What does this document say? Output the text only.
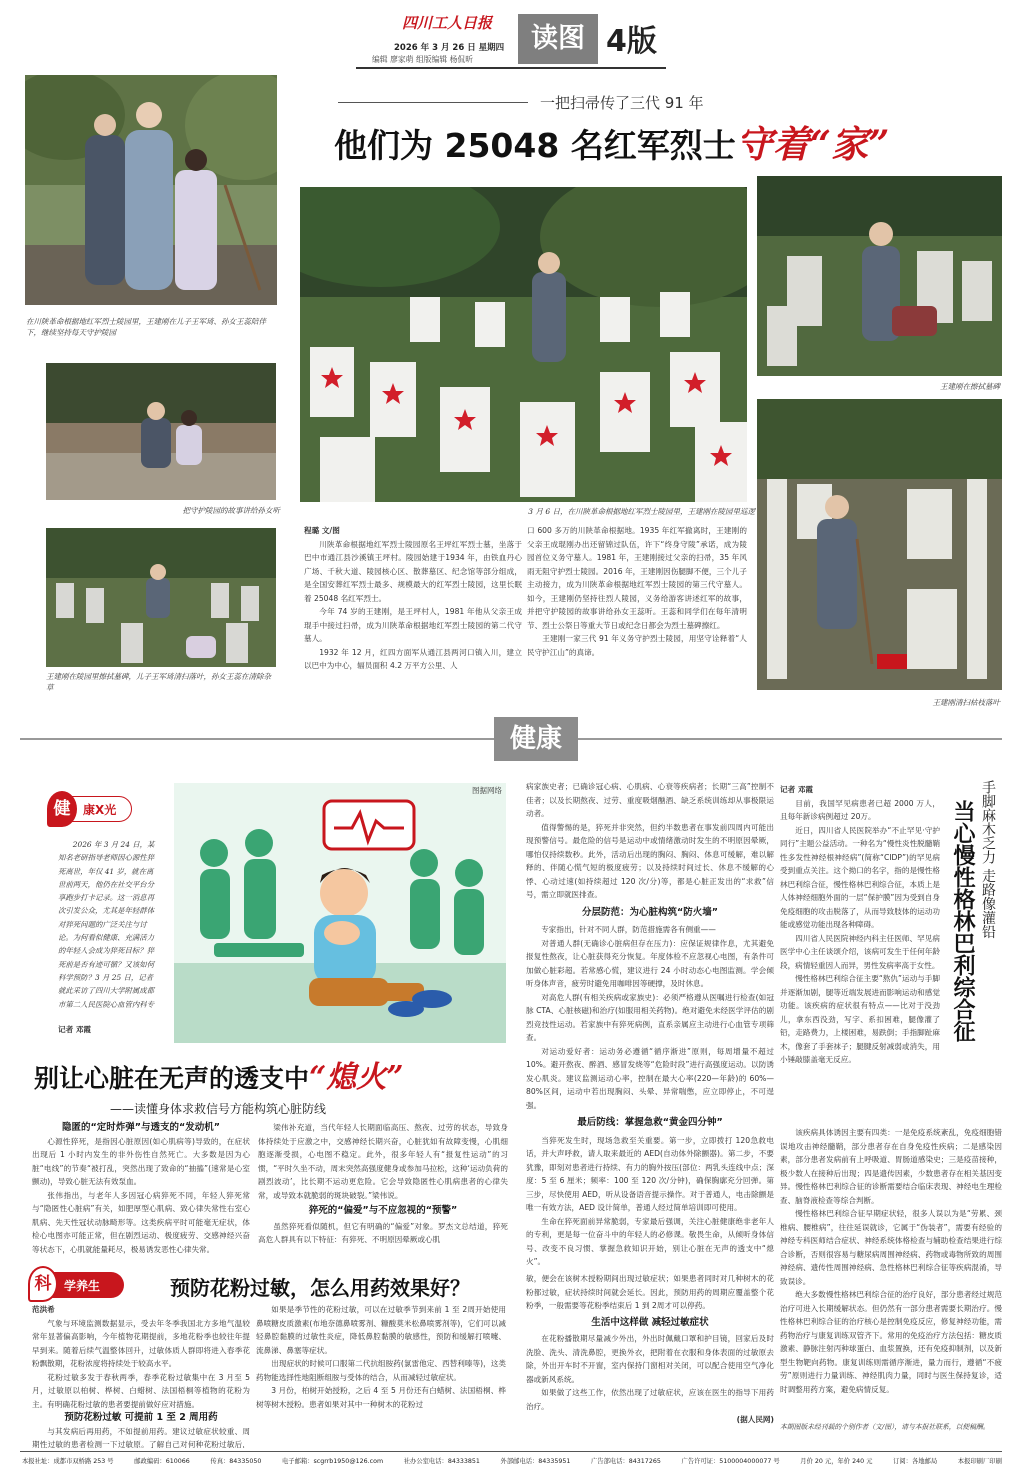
四川工人日报
2026 年 3 月 26 日 星期四
编辑 廖家萌 组版编辑 杨侃昕
读图 4版
一把扫帚传了三代 91 年
他们为 25048 名红军烈士守着“家”
在川陕革命根据地红军烈士陵园里，王建刚在儿子王军琦、孙女王蕊陪伴下，继续坚持每天守护陵园
把守护陵园的故事讲给孙女听
王建刚在陵园里擦拭墓碑，儿子王军琦清扫落叶，孙女王蕊在清除杂草
3 月 6 日，在川陕革命根据地红军烈士陵园里，王建刚在陵园里巡逻
王建刚在擦拭墓碑
王建刚清扫枯枝落叶
程璐 文/图
川陕革命根据地红军烈士陵园原名王坪红军烈士墓，坐落于巴中市通江县沙溪镇王坪村。陵园始建于1934 年，由铁血丹心广场、千秋大道、陵园核心区、散葬墓区、纪念馆等部分组成，是全国安葬红军烈士最多、规模最大的红军烈士陵园，这里长眠着 25048 名红军烈士。
今年 74 岁的王建刚，是王坪村人，1981 年他从父亲王成琨手中接过扫帚，成为川陕革命根据地红军烈士陵园的第二代守墓人。
1932 年 12 月，红四方面军从通江县两河口镇入川，建立以巴中为中心，辐员面积 4.2 万平方公里、人
口 600 多万的川陕革命根据地。1935 年红军撤离时，王建刚的父亲王成琨刚办出还留锦过队伍，许下“终身守陵”承诺，成为陵园首位义务守墓人。1981 年，王建刚接过父亲的扫帚，35 年风雨无阻守护烈士陵园。2016 年，王建刚因伤腿脚不便，三个儿子主动接力，成为川陕革命根据地红军烈士陵园的第三代守墓人。如今，王建刚仍坚持往烈人陵园，义务给游客讲述红军的故事，并把守护陵园的故事讲给孙女王蕊听。王蕊和同学们在每年清明节、烈士公祭日等重大节日或纪念日都会为烈士墓碑擦红。
王建刚一家三代 91 年义务守护烈士陵园，用坚守诠释着“人民守护江山”的真谛。
健康
健	康X光
2026 年 3 月 24 日，某知名老研指导老师因心源性猝死离世，年仅 41 岁，就在离世前两天，他仍在社交平台分享跑步打卡记录。这一消息再次引发公众，尤其是年轻群体对猝死问题的广泛关注与讨论。为何看似健康、充满活力的年轻人会成为猝死目标？猝死前是否有迹可循？又该如何科学预防？3 月 25 日，记者就此采访了四川大学附属成都市第二人民医院心血管内科专
记者 邓霞
图据网络
别让心脏在无声的透支中“熄火”
——读懂身体求救信号方能构筑心脏防线
隐匿的“定时炸弹”与透支的“发动机”
心源性猝死，是指因心脏原因(如心肌病等)导致的，在症状出现后 1 小时内发生的非外伤性自然死亡。大多数是因为心脏“电线”的节奏“被打乱，突然出现了致命的“抽搐”(速常是心室颤动)，导致心脏无法有效泵血。
张伟指出，与老年人多因冠心病猝死不同，年轻人猝死常与“隐匿性心脏病”有关，如肥厚型心肌病、致心律失常性右室心肌病、先天性冠状动脉畸形等。这类疾病平时可能毫无症状，体检心电图亦可能正常，但在剧烈运动、极度疲劳、交感神经兴奋等状态下，心肌就能量耗尽，极易诱发恶性心律失常。
梁伟补充道，当代年轻人长期面临高压、熬夜、过劳的状态，导致身体持续处于应激之中，交感神经长期兴奋，心脏犹如有故障变慢，心肌细胞逐渐受损，心电图不稳定。此外，很多年轻人有“报复性运动”的习惯，“平时久坐不动，周末突然高强度健身或参加马拉松，这种‘运动负荷的剧烈波动’，比长期不运动更危险。它会导致隐匿性心肌病患者的心律失常，或导致本就脆弱的斑块破裂。”梁伟说。
猝死的“偏爱”与不应忽视的“预警”
虽然猝死看似随机，但它有明确的“偏爱”对象。罗杰文总结道，猝死高危人群具有以下特征：有猝死、不明原因晕厥或心肌
病家族史者；已确诊冠心病、心肌病、心衰等疾病者；长期“三高”控制不佳者；以及长期熬夜、过劳、重度吸烟酗酒、缺乏系统训练却从事极限运动者。
值得警惕的是，猝死并非突然，但约半数患者在事发前四周内可能出现预警信号。最危险的信号是运动中或情绪激动时发生的不明原因晕厥，哪怕仅持续数秒。此外，活动后出现的胸闷、胸闷、体息可缓解，难以解释的、伴随心慌气短的极度疲劳；以及持续时间过长、休息不缓解的心悸、心动过速(如持续超过 120 次/分)等，都是心脏正发出的“求救”信号，需立即就医排查。
分层防范：为心脏构筑“防火墙”
专家指出，针对不同人群，防范措施需各有侧重——
对普通人群(无确诊心脏病但存在压力)：应保证规律作息，尤其避免报复性熬夜，让心脏获得充分恢复。年度体检不应忽视心电图，有条件可加做心脏彩超。若常感心慌，建议进行 24 小时动态心电图监测。学会倾听身体声音，疲劳时避免用咖啡因等硬撑，及时休息。
对高危人群(有相关疾病或家族史)：必须严格遵从医嘱进行检查(如冠脉 CTA、心脏核磁)和治疗(如服用相关药物)。绝对避免未经医学评估的剧烈竞技性运动。若家族中有猝死病例，直系亲属应主动进行心血管专项筛查。
对运动爱好者：运动务必遵循“循序渐进”原则，每周增量不超过 10%。避开熬夜、醉酒、感冒发烧等“危险时段”进行高强度运动。以防诱发心肌炎。建议监测运动心率，控制在最大心率(220—年龄)的 60%—80%区间，运动中若出现胸闷、头晕、异常喘憋，应立即停止，不可逞强。
最后防线：掌握急救“黄金四分钟”
当猝死发生时，现场急救至关重要。第一步，立即拨打 120急救电话，并大声呼救，请人取来最近的 AED(自动体外除颤器)。第二步，不要犹豫，即刻对患者进行持续、有力的胸外按压(部位：两乳头连线中点；深度：5 至 6 厘米；频率：100 至 120 次/分钟)，确保胸廓充分回弹。第三步，尽快使用 AED，听从设备语音提示操作。对于普通人，电击除颤是唯一有效方法，AED 设计简单，普通人经过简单培训即可使用。
生命在猝死面前异常脆弱，专家最后强调，关注心脏健康绝非老年人的专利，更是每一位奋斗中的年轻人的必修课。敬畏生命，从倾听身体信号、改变不良习惯、掌握急救知识开始，别让心脏在无声的透支中“熄火”。
手脚麻木乏力 走路像灌铅
当心慢性格林巴利综合征
记者 邓霞
目前，我国罕见病患者已超 2000 万人，且每年新诊病例超过 20万。
近日，四川省人民医院举办“不止罕见·守护同行”主题公益活动。一种名为“慢性炎性脱髓鞘性多发性神经根神经病”(简称“CIDP”)的罕见病受到重点关注。这个拗口的名字，指的是慢性格林巴利综合征，慢性格林巴利综合征，本质上是人体神经细胞外面的一层“保护膜”因为受到自身免疫细胞的攻击脱落了，从而导致肢体的运动功能或感觉功能出现各种障碍。
四川省人民医院神经内科主任医师、罕见病医学中心主任谈颂介绍，该病可发生于任何年龄段，病情轻重因人而异，男性发病率高于女性。
慢性格林巴利综合征主要“熬仇”运动与手脚并逐渐加剧，腿等近端发展进而影响运动和感觉功能。该疾病的症状很有特点——比对于没劲儿，拿东西没劲，写字、系扣困难，腿像灌了铅，走路费力，上楼困难，易跌倒；手指脚趾麻木，像套了手套袜子；腿腱反射减弱或消失，用小锤敲膝盖毫无反应。
该疾病具体诱因主要有四类：一是免疫系统紊乱，免疫细胞错误地攻击神经髓鞘，部分患者存在自身免疫性疾病；二是感染因素，部分患者发病前有上呼吸道、胃肠道感染史；三是疫苗接种，极少数人在接种后出现；四是遗传因素，少数患者存在相关基因变异。慢性格林巴利综合征的诊断需要结合临床表现、神经电生理检查、脑脊液检查等综合判断。
慢性格林巴利综合征早期症状轻，很多人误以为是“劳累、颈椎病、腰椎病”，往往延误就诊，它属于“伪装者”，需要有经验的神经专科医师结合症状、神经系统体格检查与辅助检查结果进行综合诊断，否则很容易与糖尿病周围神经病、药物或毒物所致的周围神经病、遗传性周围神经病、急性格林巴利综合征等疾病混淆，导致误诊。
绝大多数慢性格林巴利综合征的治疗良好，部分患者经过规范治疗可进入长期缓解状态。但仍然有一部分患者需要长期治疗。慢性格林巴利综合征的治疗核心是控制免疫反应，修复神经功能，需药物治疗与康复训练双管齐下。常用的免疫治疗方法包括：糖皮质激素、静脉注射丙种球蛋白、血浆置换，还有免疫抑制剂，以及新型生物靶向药物。康复训练则需循序渐进，量力而行，遵循“不疲劳”原则进行力量训练、神经肌肉力量，同时与医生保持复诊，适时调整用药方案，避免病情反复。
本期图版未经刊载的个别作者（文/图），请与本报社联系，以便稿酬。
科	学养生	预防花粉过敏，怎么用药效果好？
范洪希
气象与环境监测数据显示，受去年冬季我国北方多地气温较常年显著偏高影响，今年植物花期提前，多地花粉季也较往年提早到来。随着后续气温整体回升，过敏体质人群即将进入春季花粉飘散期，花粉浓度将持续处于较高水平。
花粉过敏多发于春秋两季，春季花粉过敏集中在 3 月至 5 月，过敏原以柏树、桦树、白蜡树、法国梧桐等植物的花粉为主。有明确花粉过敏的患者要提前做好应对措施。
预防花粉过敏 可提前 1 至 2 周用药
与其发病后再用药，不如提前用药。建议过敏症状较重、周期性过敏的患者检测一下过敏原。了解自己对何种花粉过敏后，
如果是季节性的花粉过敏，可以在过敏季节到来前 1 至 2周开始使用鼻喷糖皮质激素(布地奈德鼻喷雾剂、糠酸莫米松鼻喷雾剂等)，它们可以减轻鼻腔黏膜的过敏性炎症，降低鼻腔黏膜的敏感性，预防和缓解打喷嚏、流鼻涕、鼻塞等症状。
出现症状的时候可口服第二代抗组胺药(氯雷他定、西替利嗪等)，这类药物能选择性地阻断组胺与受体的结合，从而减轻过敏症状。
3 月份，柏树开始授粉，之后 4 至 5 月份还有白蜡树、法国梧桐、桦树等树木授粉。患者如果对其中一种树木的花粉过
敏，便会在该树木授粉期间出现过敏症状；如果患者同时对几种树木的花粉都过敏，症状持续时间就会延长。因此，预防用药的周期应覆盖整个花粉季，一般需要等花粉季结束后 1 到 2周才可以停药。
生活中这样做 减轻过敏症状
在花粉播散期尽量减少外出，外出时佩戴口罩和护目镜，回家后及时洗脸、洗头、清洗鼻腔，更换外衣，把附着在衣服和身体表面的过敏原去除，外出开车时不开窗，室内保持门窗相对关闭，可以配合使用空气净化器或新风系统。
如果做了这些工作，依然出现了过敏症状，应该在医生的指导下用药治疗。
(据人民网)
本报社址：成都市双桥路 253 号	邮政编码：610066	传真：84335050	电子邮箱：scgrrb1950@126.com	社办公室电话：84333851	外部邮电话：84335951	广告部电话：84317265	广告许可证：5100004000077 号	月价 20 元，年价 240 元	订阅：各地邮局	本报印刷厂印刷
